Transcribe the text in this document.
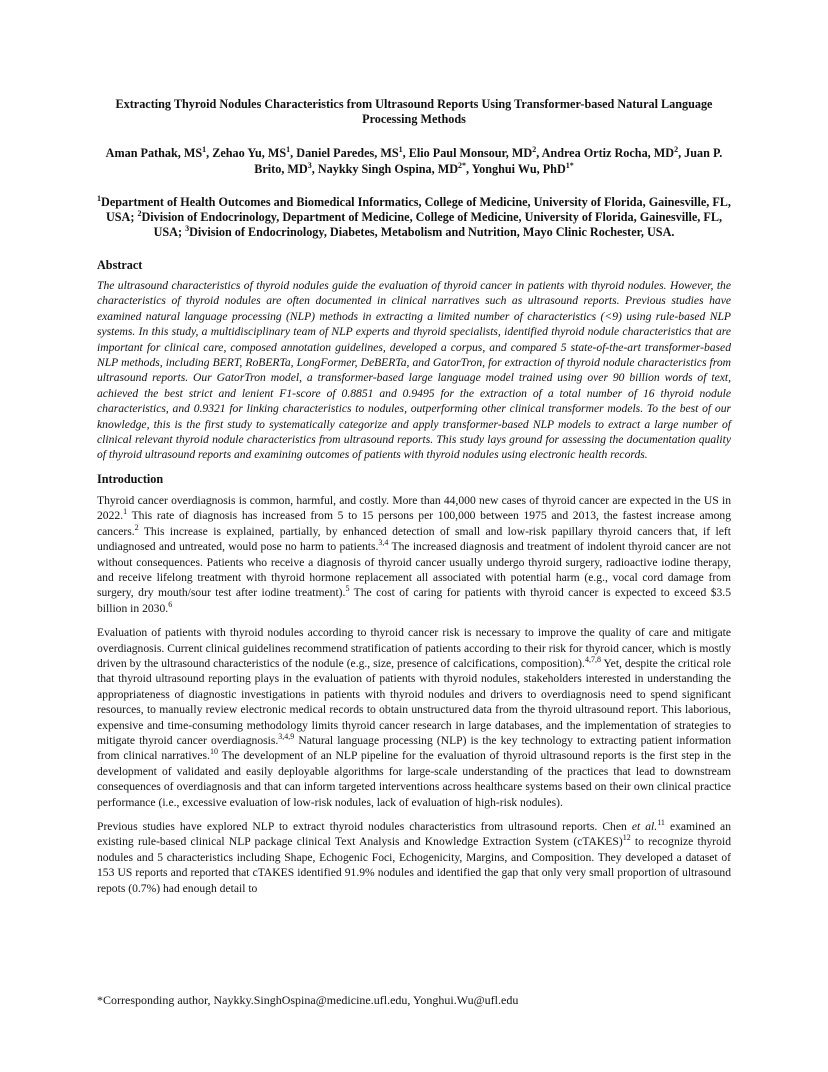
Extracting Thyroid Nodules Characteristics from Ultrasound Reports Using Transformer-based Natural Language Processing Methods

Aman Pathak, $MS^1$, Zehao Yu, $MS^1$, Daniel Paredes, $MS^1$, Elio Paul Monsour, $MD^2$, Andrea Ortiz Rocha, $MD^2$, Juan P. Brito, $MD^3$, Naykky Singh Ospina, $MD^{2*}$, Yonghui Wu, PhD$^{1*}$

$^1$Department of Health Outcomes and Biomedical Informatics, College of Medicine, University of Florida, Gainesville, FL, USA; $^2$Division of Endocrinology, Department of Medicine, College of Medicine, University of Florida, Gainesville, FL, USA; $^3$Division of Endocrinology, Diabetes, Metabolism and Nutrition, Mayo Clinic Rochester, USA.

Abstract

The ultrasound characteristics of thyroid nodules guide the evaluation of thyroid cancer in patients with thyroid nodules. However, the characteristics of thyroid nodules are often documented in clinical narratives such as ultrasound reports. Previous studies have examined natural language processing (NLP) methods in extracting a limited number of characteristics (<9) using rule-based NLP systems. In this study, a multidisciplinary team of NLP experts and thyroid specialists, identified thyroid nodule characteristics that are important for clinical care, composed annotation guidelines, developed a corpus, and compared 5 state-of-the-art transformer-based NLP methods, including BERT, RoBERTa, LongFormer, DeBERTa, and GatorTron, for extraction of thyroid nodule characteristics from ultrasound reports. Our GatorTron model, a transformer-based large language model trained using over 90 billion words of text, achieved the best strict and lenient F1-score of 0.8851 and 0.9495 for the extraction of a total number of 16 thyroid nodule characteristics, and 0.9321 for linking characteristics to nodules, outperforming other clinical transformer models. To the best of our knowledge, this is the first study to systematically categorize and apply transformer-based NLP models to extract a large number of clinical relevant thyroid nodule characteristics from ultrasound reports. This study lays ground for assessing the documentation quality of thyroid ultrasound reports and examining outcomes of patients with thyroid nodules using electronic health records.

Introduction

Thyroid cancer overdiagnosis is common, harmful, and costly. More than 44,000 new cases of thyroid cancer are expected in the US in 2022.$^1$ This rate of diagnosis has increased from 5 to 15 persons per 100,000 between 1975 and 2013, the fastest increase among cancers.$^2$ This increase is explained, partially, by enhanced detection of small and low-risk papillary thyroid cancers that, if left undiagnosed and untreated, would pose no harm to patients.$^{3,4}$ The increased diagnosis and treatment of indolent thyroid cancer are not without consequences. Patients who receive a diagnosis of thyroid cancer usually undergo thyroid surgery, radioactive iodine therapy, and receive lifelong treatment with thyroid hormone replacement all associated with potential harm (e.g., vocal cord damage from surgery, dry mouth/sour test after iodine treatment).$^5$ The cost of caring for patients with thyroid cancer is expected to exceed $3.5 billion in 2030.$^6$

Evaluation of patients with thyroid nodules according to thyroid cancer risk is necessary to improve the quality of care and mitigate overdiagnosis. Current clinical guidelines recommend stratification of patients according to their risk for thyroid cancer, which is mostly driven by the ultrasound characteristics of the nodule (e.g., size, presence of calcifications, composition).$^{4,7,8}$ Yet, despite the critical role that thyroid ultrasound reporting plays in the evaluation of patients with thyroid nodules, stakeholders interested in understanding the appropriateness of diagnostic investigations in patients with thyroid nodules and drivers to overdiagnosis need to spend significant resources, to manually review electronic medical records to obtain unstructured data from the thyroid ultrasound report. This laborious, expensive and time-consuming methodology limits thyroid cancer research in large databases, and the implementation of strategies to mitigate thyroid cancer overdiagnosis.$^{3,4,9}$ Natural language processing (NLP) is the key technology to extracting patient information from clinical narratives.$^{10}$ The development of an NLP pipeline for the evaluation of thyroid ultrasound reports is the first step in the development of validated and easily deployable algorithms for large-scale understanding of the practices that lead to downstream consequences of overdiagnosis and that can inform targeted interventions across healthcare systems based on their own clinical practice performance (i.e., excessive evaluation of low-risk nodules, lack of evaluation of high-risk nodules).

Previous studies have explored NLP to extract thyroid nodules characteristics from ultrasound reports. Chen et al.$^{11}$ examined an existing rule-based clinical NLP package clinical Text Analysis and Knowledge Extraction System (cTAKES)$^{12}$ to recognize thyroid nodules and 5 characteristics including Shape, Echogenic Foci, Echogenicity, Margins, and Composition. They developed a dataset of 153 US reports and reported that cTAKES identified 91.9% nodules and identified the gap that only very small proportion of ultrasound repots (0.7%) had enough detail to

*Corresponding author, Naykky.SinghOspina@medicine.ufl.edu, Yonghui.Wu@ufl.edu
